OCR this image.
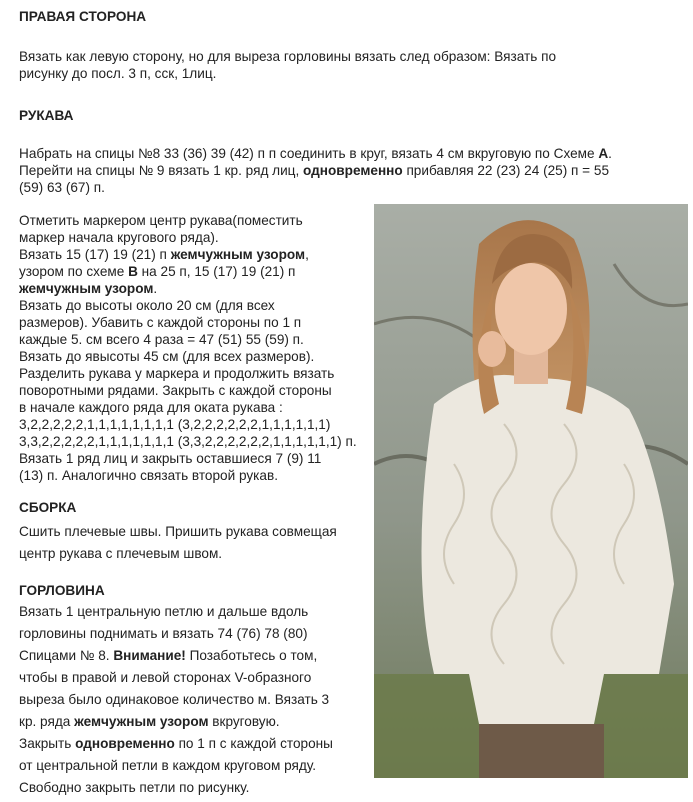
ПРАВАЯ СТОРОНА

Вязать как левую сторону, но для выреза горловины вязать след образом: Вязать по
рисунку до посл. 3 п, сск, 1лиц.

РУКАВА

Набрать на спицы №8 33 (36) 39 (42) п п соединить в круг, вязать 4 см вкруговую по Схеме А.
Перейти на спицы № 9 вязать 1 кр. ряд лиц, одновременно прибавляя 22 (23) 24 (25) п = 55
(59) 63 (67) п.

Отметить маркером центр рукава(поместить
маркер начала кругового ряда).
Вязать 15 (17) 19 (21) п жемчужным узором,
узором по схеме В на 25 п, 15 (17) 19 (21) п
жемчужным узором.
Вязать до высоты около 20 см (для всех
размеров). Убавить с каждой стороны по 1 п
каждые 5. см всего 4 раза = 47 (51) 55 (59) п.
Вязать до явысоты 45 см (для всех размеров).
Разделить рукава у маркера и продолжить вязать
поворотными рядами. Закрыть с каждой стороны
в начале каждого ряда для оката рукава :
3,2,2,2,2,2,1,1,1,1,1,1,1,1 (3,2,2,2,2,2,2,1,1,1,1,1,1)
3,3,2,2,2,2,2,1,1,1,1,1,1,1 (3,3,2,2,2,2,2,2,1,1,1,1,1,1) п.
Вязать 1 ряд лиц и закрыть оставшиеся 7 (9) 11
(13) п. Аналогично связать второй рукав.

СБОРКА

Сшить плечевые швы. Пришить рукава совмещая
центр рукава с плечевым швом.

ГОРЛОВИНА

Вязать 1 центральную петлю и дальше вдоль
горловины поднимать и вязать 74 (76) 78 (80)
Спицами № 8. Внимание! Позаботьтесь о том,
чтобы в правой и левой сторонах V-образного
выреза было одинаковое количество м. Вязать 3
кр. ряда жемчужным узором вкруговую.
Закрыть одновременно по 1 п с каждой стороны
от центральной петли в каждом круговом ряду.
Свободно закрыть петли по рисунку.
